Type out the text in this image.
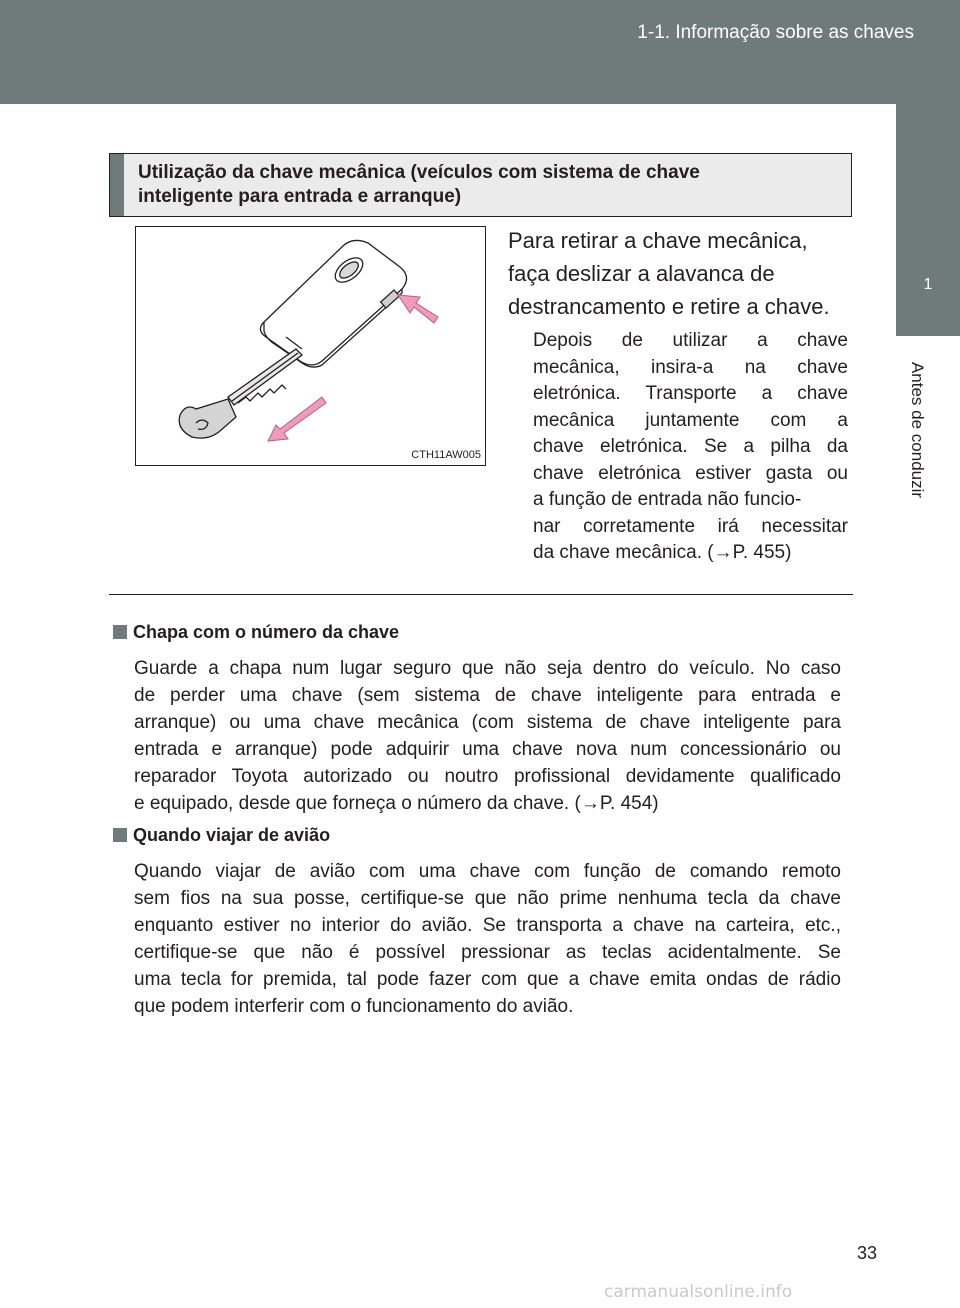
1-1. Informação sobre as chaves
1
Antes de conduzir
Utilização da chave mecânica (veículos com sistema de chave
inteligente para entrada e arranque)
CTH11AW005
Para retirar a chave mecânica,
faça deslizar a alavanca de
destrancamento e retire a chave.
Depois de utilizar a chave
mecânica, insira-a na chave
eletrónica. Transporte a chave
mecânica juntamente com a
chave eletrónica. Se a pilha da
chave eletrónica estiver gasta ou
a função de entrada não funcio-
nar corretamente irá necessitar
da chave mecânica. (→P. 455)
Chapa com o número da chave
Guarde a chapa num lugar seguro que não seja dentro do veículo. No caso
de perder uma chave (sem sistema de chave inteligente para entrada e
arranque) ou uma chave mecânica (com sistema de chave inteligente para
entrada e arranque) pode adquirir uma chave nova num concessionário ou
reparador Toyota autorizado ou noutro profissional devidamente qualificado
e equipado, desde que forneça o número da chave. (→P. 454)
Quando viajar de avião
Quando viajar de avião com uma chave com função de comando remoto
sem fios na sua posse, certifique-se que não prime nenhuma tecla da chave
enquanto estiver no interior do avião. Se transporta a chave na carteira, etc.,
certifique-se que não é possível pressionar as teclas acidentalmente. Se
uma tecla for premida, tal pode fazer com que a chave emita ondas de rádio
que podem interferir com o funcionamento do avião.
33
carmanualsonline.info
